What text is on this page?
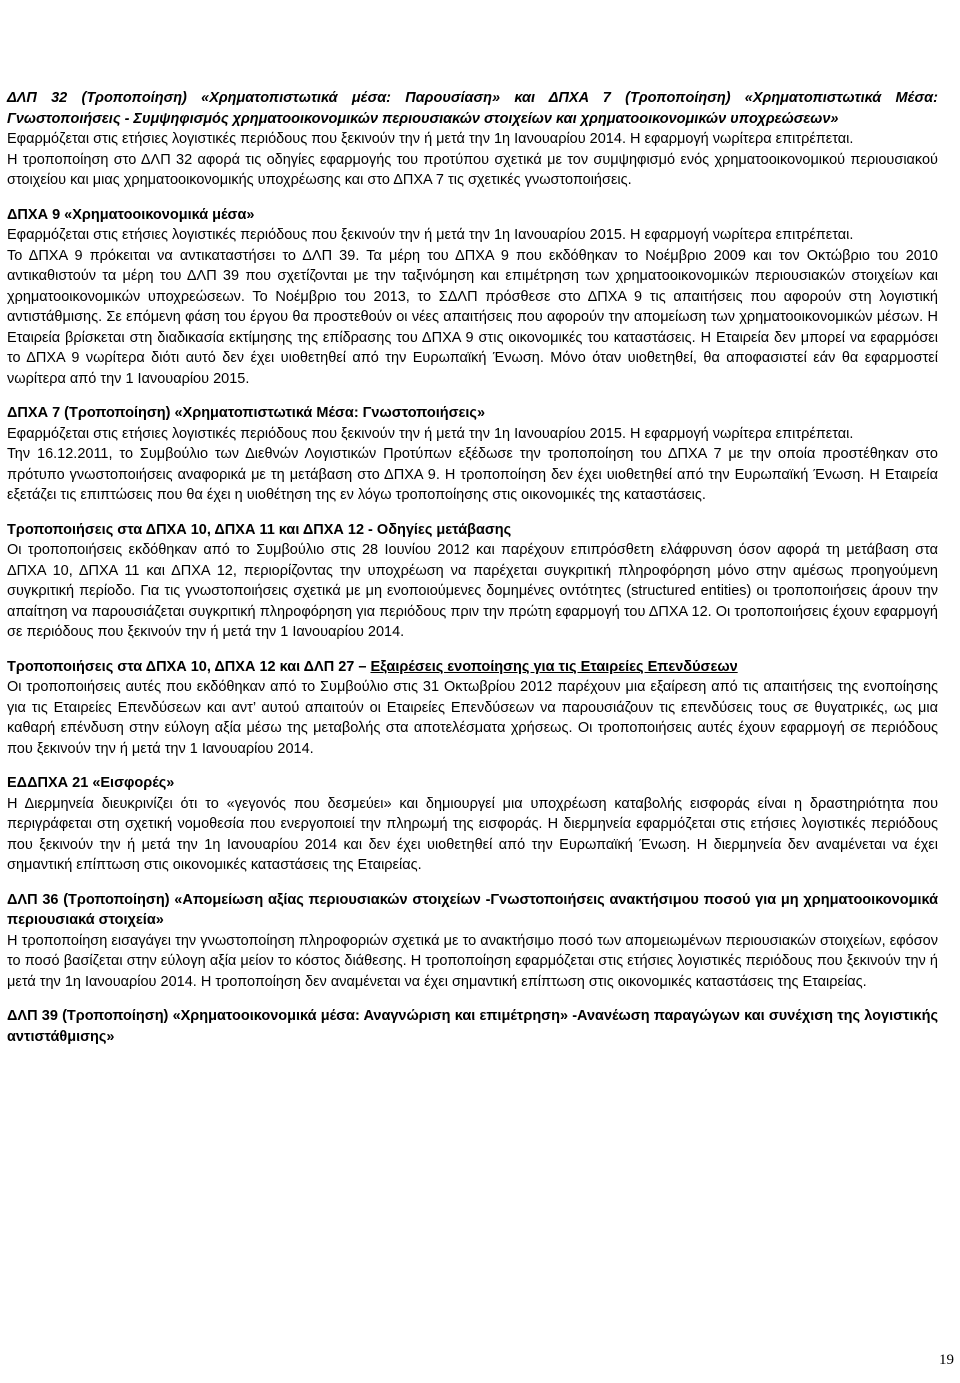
ΒΙΟΣΩΛ Α.Β.Ε.
Σημειώσεις επί των Ετήσιων Οικονομικών Καταστάσεων
της περιόδου $1^{\eta\varsigma}$ Ιανουαρίου $2013 - 31^\eta$ Δεκεμβρίου 2013
ποσά σε Ευρώ

ΔΛΠ 32 (Τροποποίηση) «Χρηματοπιστωτικά μέσα: Παρουσίαση» και ΔΠΧΑ 7 (Τροποποίηση) «Χρηματοπιστωτικά Μέσα: Γνωστοποιήσεις - Συμψηφισμός χρηματοοικονομικών περιουσιακών στοιχείων και χρηματοοικονομικών υποχρεώσεων»

Εφαρμόζεται στις ετήσιες λογιστικές περιόδους που ξεκινούν την ή μετά την 1η Ιανουαρίου 2014. Η εφαρμογή νωρίτερα επιτρέπεται.

Η τροποποίηση στο ΔΛΠ 32 αφορά τις οδηγίες εφαρμογής του προτύπου σχετικά με τον συμψηφισμό ενός χρηματοοικονομικού περιουσιακού στοιχείου και μιας χρηματοοικονομικής υποχρέωσης και στο ΔΠΧΑ 7 τις σχετικές γνωστοποιήσεις.

ΔΠΧΑ 9 «Χρηματοοικονομικά μέσα»

Εφαρμόζεται στις ετήσιες λογιστικές περιόδους που ξεκινούν την ή μετά την 1η Ιανουαρίου 2015. Η εφαρμογή νωρίτερα επιτρέπεται.

Το ΔΠΧΑ 9 πρόκειται να αντικαταστήσει το ΔΛΠ 39. Τα μέρη του ΔΠΧΑ 9 που εκδόθηκαν το Νοέμβριο 2009 και τον Οκτώβριο του 2010 αντικαθιστούν τα μέρη του ΔΛΠ 39 που σχετίζονται με την ταξινόμηση και επιμέτρηση των χρηματοοικονομικών περιουσιακών στοιχείων και χρηματοοικονομικών υποχρεώσεων. Το Νοέμβριο του 2013, το ΣΔΛΠ πρόσθεσε στο ΔΠΧΑ 9 τις απαιτήσεις που αφορούν στη λογιστική αντιστάθμισης. Σε επόμενη φάση του έργου θα προστεθούν οι νέες απαιτήσεις που αφορούν την απομείωση των χρηματοοικονομικών μέσων. Η Εταιρεία βρίσκεται στη διαδικασία εκτίμησης της επίδρασης του ΔΠΧΑ 9 στις οικονομικές του καταστάσεις. Η Εταιρεία δεν μπορεί να εφαρμόσει το ΔΠΧΑ 9 νωρίτερα διότι αυτό δεν έχει υιοθετηθεί από την Ευρωπαϊκή Ένωση. Μόνο όταν υιοθετηθεί, θα αποφασιστεί εάν θα εφαρμοστεί νωρίτερα από την 1 Ιανουαρίου 2015.

ΔΠΧΑ 7 (Τροποποίηση) «Χρηματοπιστωτικά Μέσα: Γνωστοποιήσεις»

Εφαρμόζεται στις ετήσιες λογιστικές περιόδους που ξεκινούν την ή μετά την 1η Ιανουαρίου 2015. Η εφαρμογή νωρίτερα επιτρέπεται.

Την 16.12.2011, το Συμβούλιο των Διεθνών Λογιστικών Προτύπων εξέδωσε την τροποποίηση του ΔΠΧΑ 7 με την οποία προστέθηκαν στο πρότυπο γνωστοποιήσεις αναφορικά με τη μετάβαση στο ΔΠΧΑ 9. Η τροποποίηση δεν έχει υιοθετηθεί από την Ευρωπαϊκή Ένωση. Η Εταιρεία εξετάζει τις επιπτώσεις που θα έχει η υιοθέτηση της εν λόγω τροποποίησης στις οικονομικές της καταστάσεις.

Τροποποιήσεις στα ΔΠΧΑ 10, ΔΠΧΑ 11 και ΔΠΧΑ 12 - Οδηγίες μετάβασης

Οι τροποποιήσεις εκδόθηκαν από το Συμβούλιο στις 28 Ιουνίου 2012 και παρέχουν επιπρόσθετη ελάφρυνση όσον αφορά τη μετάβαση στα ΔΠΧΑ 10, ΔΠΧΑ 11 και ΔΠΧΑ 12, περιορίζοντας την υποχρέωση να παρέχεται συγκριτική πληροφόρηση μόνο στην αμέσως προηγούμενη συγκριτική περίοδο. Για τις γνωστοποιήσεις σχετικά με μη ενοποιούμενες δομημένες οντότητες (structured entities) οι τροποποιήσεις άρουν την απαίτηση να παρουσιάζεται συγκριτική πληροφόρηση για περιόδους πριν την πρώτη εφαρμογή του ΔΠΧΑ 12. Οι τροποποιήσεις έχουν εφαρμογή σε περιόδους που ξεκινούν την ή μετά την 1 Ιανουαρίου 2014.

Τροποποιήσεις στα ΔΠΧΑ 10, ΔΠΧΑ 12 και ΔΛΠ 27 – Εξαιρέσεις ενοποίησης για τις Εταιρείες Επενδύσεων

Οι τροποποιήσεις αυτές που εκδόθηκαν από το Συμβούλιο στις 31 Οκτωβρίου 2012 παρέχουν μια εξαίρεση από τις απαιτήσεις της ενοποίησης για τις Εταιρείες Επενδύσεων και αντ’ αυτού απαιτούν οι Εταιρείες Επενδύσεων να παρουσιάζουν τις επενδύσεις τους σε θυγατρικές, ως μια καθαρή επένδυση στην εύλογη αξία μέσω της μεταβολής στα αποτελέσματα χρήσεως. Οι τροποποιήσεις αυτές έχουν εφαρμογή σε περιόδους που ξεκινούν την ή μετά την 1 Ιανουαρίου 2014.

ΕΔΔΠΧΑ 21 «Εισφορές»

Η Διερμηνεία διευκρινίζει ότι το «γεγονός που δεσμεύει» και δημιουργεί μια υποχρέωση καταβολής εισφοράς είναι η δραστηριότητα που περιγράφεται στη σχετική νομοθεσία που ενεργοποιεί την πληρωμή της εισφοράς. Η διερμηνεία εφαρμόζεται στις ετήσιες λογιστικές περιόδους που ξεκινούν την ή μετά την 1η Ιανουαρίου 2014 και δεν έχει υιοθετηθεί από την Ευρωπαϊκή Ένωση. Η διερμηνεία δεν αναμένεται να έχει σημαντική επίπτωση στις οικονομικές καταστάσεις της Εταιρείας.

ΔΛΠ 36 (Τροποποίηση) «Απομείωση αξίας περιουσιακών στοιχείων -Γνωστοποιήσεις ανακτήσιμου ποσού για μη χρηματοοικονομικά περιουσιακά στοιχεία»

Η τροποποίηση εισαγάγει την γνωστοποίηση πληροφοριών σχετικά με το ανακτήσιμο ποσό των απομειωμένων περιουσιακών στοιχείων, εφόσον το ποσό βασίζεται στην εύλογη αξία μείον το κόστος διάθεσης. Η τροποποίηση εφαρμόζεται στις ετήσιες λογιστικές περιόδους που ξεκινούν την ή μετά την 1η Ιανουαρίου 2014. Η τροποποίηση δεν αναμένεται να έχει σημαντική επίπτωση στις οικονομικές καταστάσεις της Εταιρείας.

ΔΛΠ 39 (Τροποποίηση) «Χρηματοοικονομικά μέσα: Αναγνώριση και επιμέτρηση» -Ανανέωση παραγώγων και συνέχιση της λογιστικής αντιστάθμισης»

19
